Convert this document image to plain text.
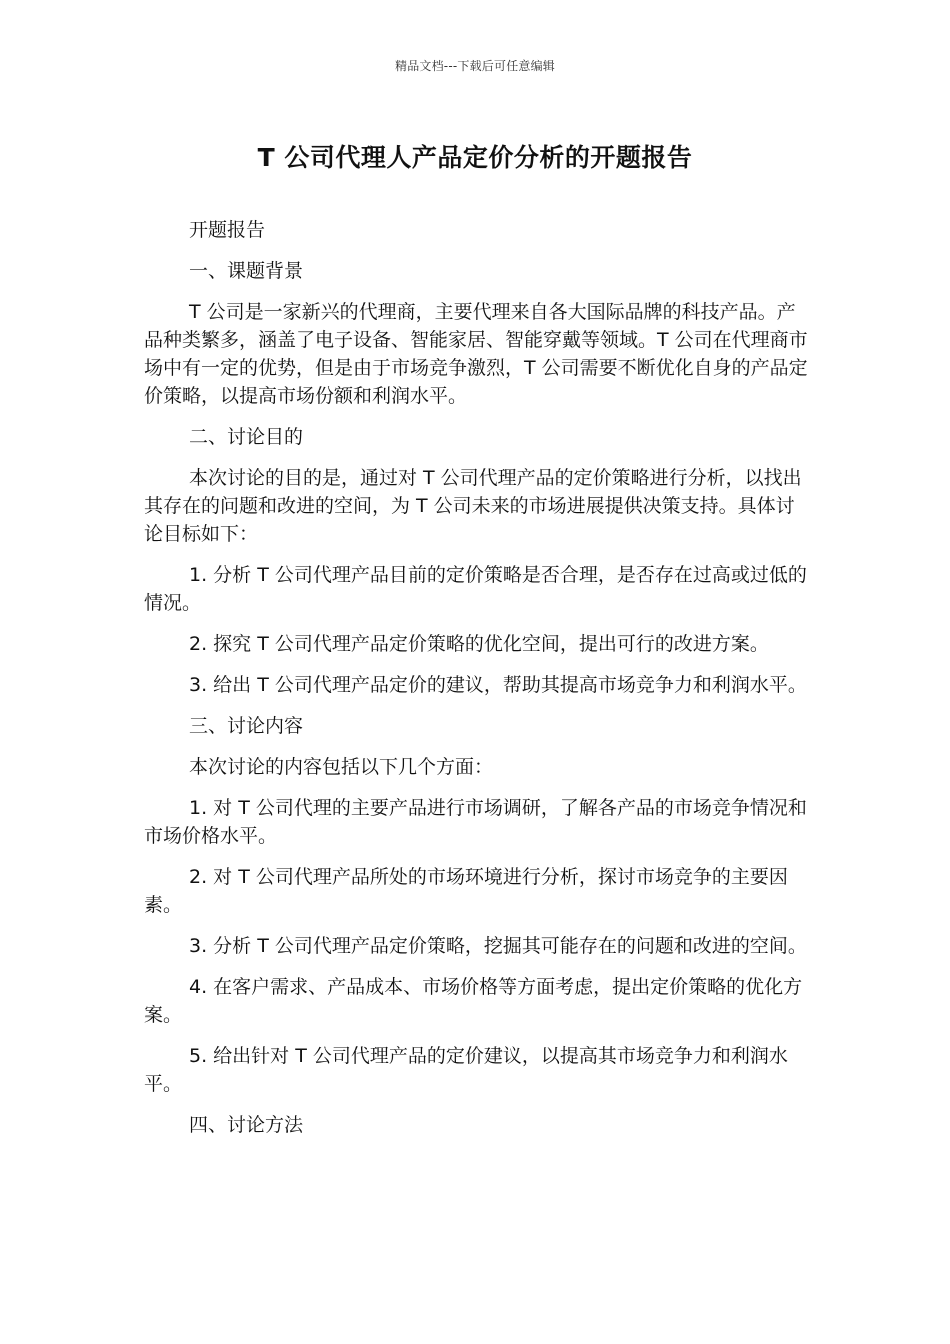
精品文档---下载后可任意编辑
T 公司代理人产品定价分析的开题报告

开题报告

一、课题背景

T 公司是一家新兴的代理商，主要代理来自各大国际品牌的科技产品。产品种类繁多，涵盖了电子设备、智能家居、智能穿戴等领域。T 公司在代理商市场中有一定的优势，但是由于市场竞争激烈，T 公司需要不断优化自身的产品定价策略，以提高市场份额和利润水平。

二、讨论目的

本次讨论的目的是，通过对 T 公司代理产品的定价策略进行分析，以找出其存在的问题和改进的空间，为 T 公司未来的市场进展提供决策支持。具体讨论目标如下：

1. 分析 T 公司代理产品目前的定价策略是否合理，是否存在过高或过低的情况。

2. 探究 T 公司代理产品定价策略的优化空间，提出可行的改进方案。

3. 给出 T 公司代理产品定价的建议，帮助其提高市场竞争力和利润水平。

三、讨论内容

本次讨论的内容包括以下几个方面：

1. 对 T 公司代理的主要产品进行市场调研，了解各产品的市场竞争情况和市场价格水平。

2. 对 T 公司代理产品所处的市场环境进行分析，探讨市场竞争的主要因素。

3. 分析 T 公司代理产品定价策略，挖掘其可能存在的问题和改进的空间。

4. 在客户需求、产品成本、市场价格等方面考虑，提出定价策略的优化方案。

5. 给出针对 T 公司代理产品的定价建议，以提高其市场竞争力和利润水平。

四、讨论方法
